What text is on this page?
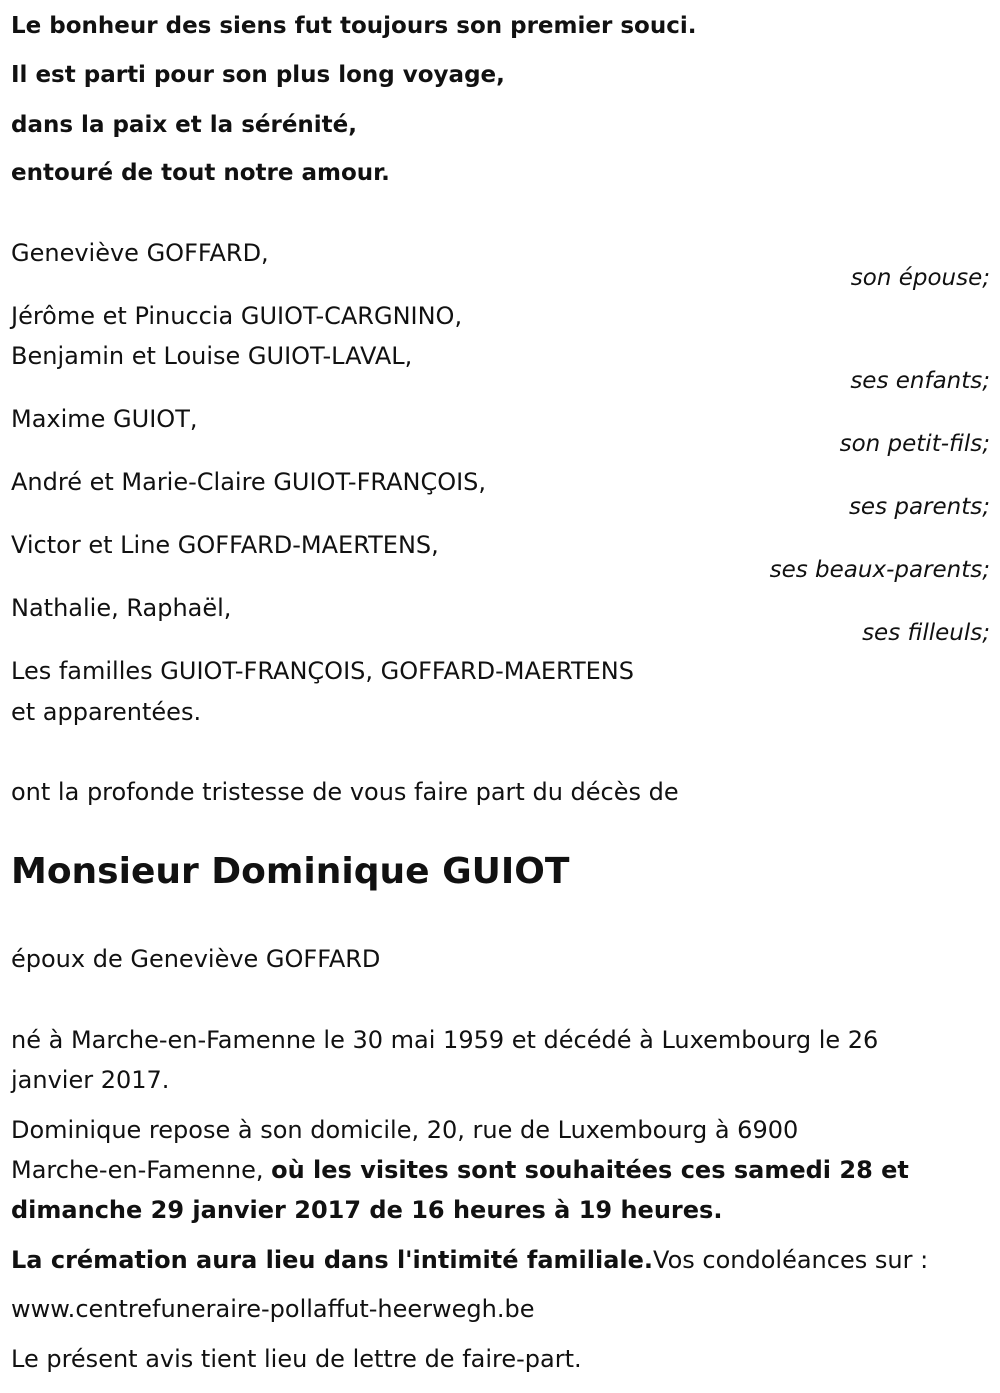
Le bonheur des siens fut toujours son premier souci.

Il est parti pour son plus long voyage,

dans la paix et la sérénité,

entouré de tout notre amour.

Geneviève GOFFARD,

son épouse;

Jérôme et Pinuccia GUIOT-CARGNINO,

Benjamin et Louise GUIOT-LAVAL,

ses enfants;

Maxime GUIOT,

son petit-fils;

André et Marie-Claire GUIOT-FRANÇOIS,

ses parents;

Victor et Line GOFFARD-MAERTENS,

ses beaux-parents;

Nathalie, Raphaël,

ses filleuls;

Les familles GUIOT-FRANÇOIS, GOFFARD-MAERTENS

et apparentées.

ont la profonde tristesse de vous faire part du décès de

Monsieur Dominique GUIOT

époux de Geneviève GOFFARD

né à Marche-en-Famenne le 30 mai 1959 et décédé à Luxembourg le 26

janvier 2017.

Dominique repose à son domicile, 20, rue de Luxembourg à 6900

Marche-en-Famenne, où les visites sont souhaitées ces samedi 28 et

dimanche 29 janvier 2017 de 16 heures à 19 heures.

La crémation aura lieu dans l'intimité familiale.Vos condoléances sur :

www.centrefuneraire-pollaffut-heerwegh.be

Le présent avis tient lieu de lettre de faire-part.
